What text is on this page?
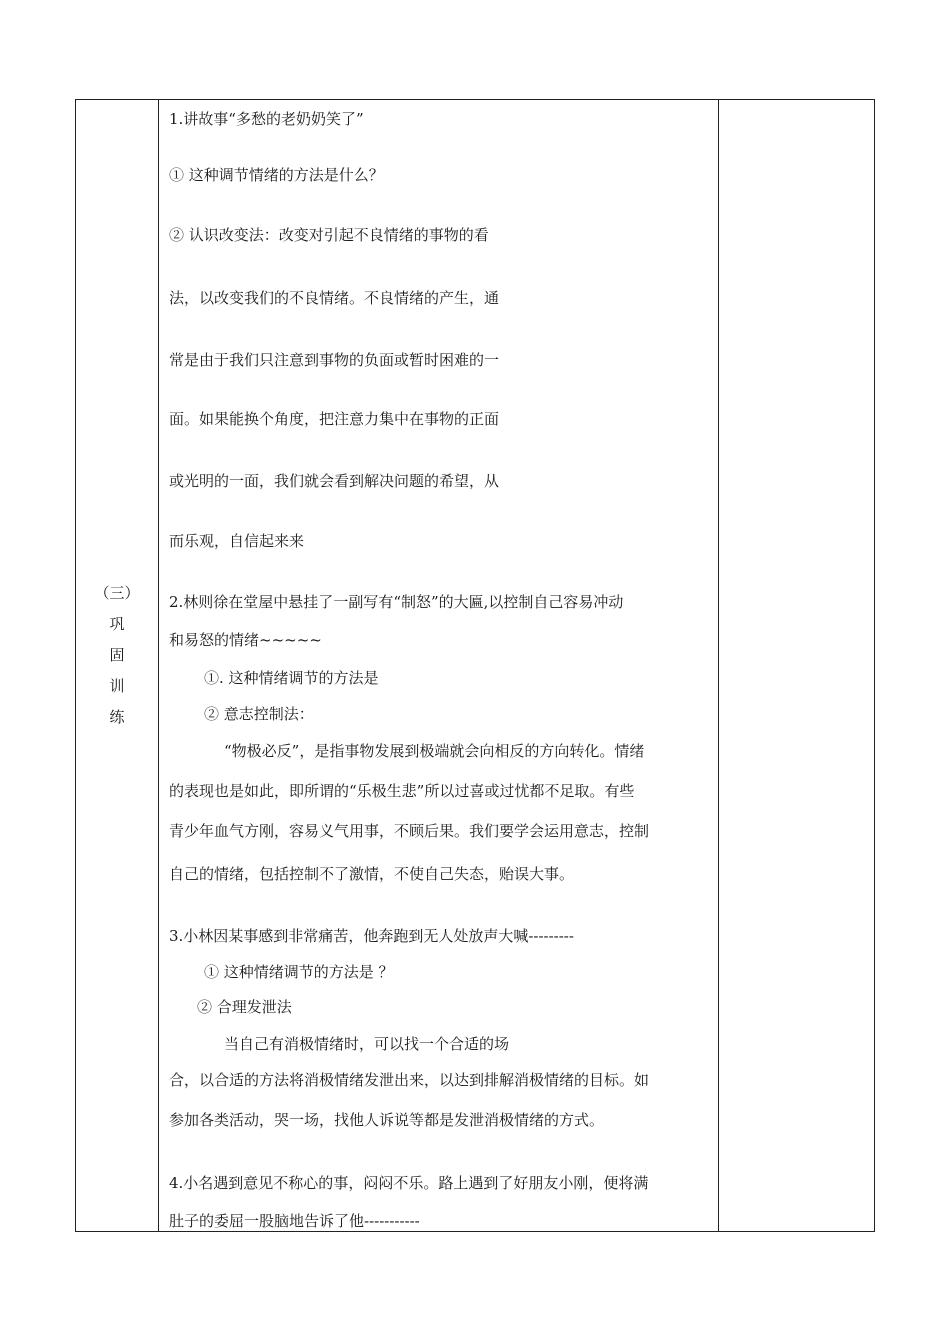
（三）
巩
固
训
练
1.讲故事“多愁的老奶奶笑了”
① 这种调节情绪的方法是什么？
② 认识改变法：改变对引起不良情绪的事物的看
法，以改变我们的不良情绪。不良情绪的产生，通
常是由于我们只注意到事物的负面或暂时困难的一
面。如果能换个角度，把注意力集中在事物的正面
或光明的一面，我们就会看到解决问题的希望，从
而乐观，自信起来来
2.林则徐在堂屋中悬挂了一副写有“制怒”的大匾,以控制自己容易冲动
和易怒的情绪~~~~~
①. 这种情绪调节的方法是
② 意志控制法：
“物极必反”，是指事物发展到极端就会向相反的方向转化。情绪
的表现也是如此，即所谓的“乐极生悲”所以过喜或过忧都不足取。有些
青少年血气方刚，容易义气用事，不顾后果。我们要学会运用意志，控制
自己的情绪，包括控制不了激情，不使自己失态，贻误大事。
3.小林因某事感到非常痛苦，他奔跑到无人处放声大喊---------
① 这种情绪调节的方法是 ？
② 合理发泄法
当自己有消极情绪时，可以找一个合适的场
合，以合适的方法将消极情绪发泄出来，以达到排解消极情绪的目标。如
参加各类活动，哭一场，找他人诉说等都是发泄消极情绪的方式。
4.小名遇到意见不称心的事，闷闷不乐。路上遇到了好朋友小刚，便将满
肚子的委屈一股脑地告诉了他-----------
